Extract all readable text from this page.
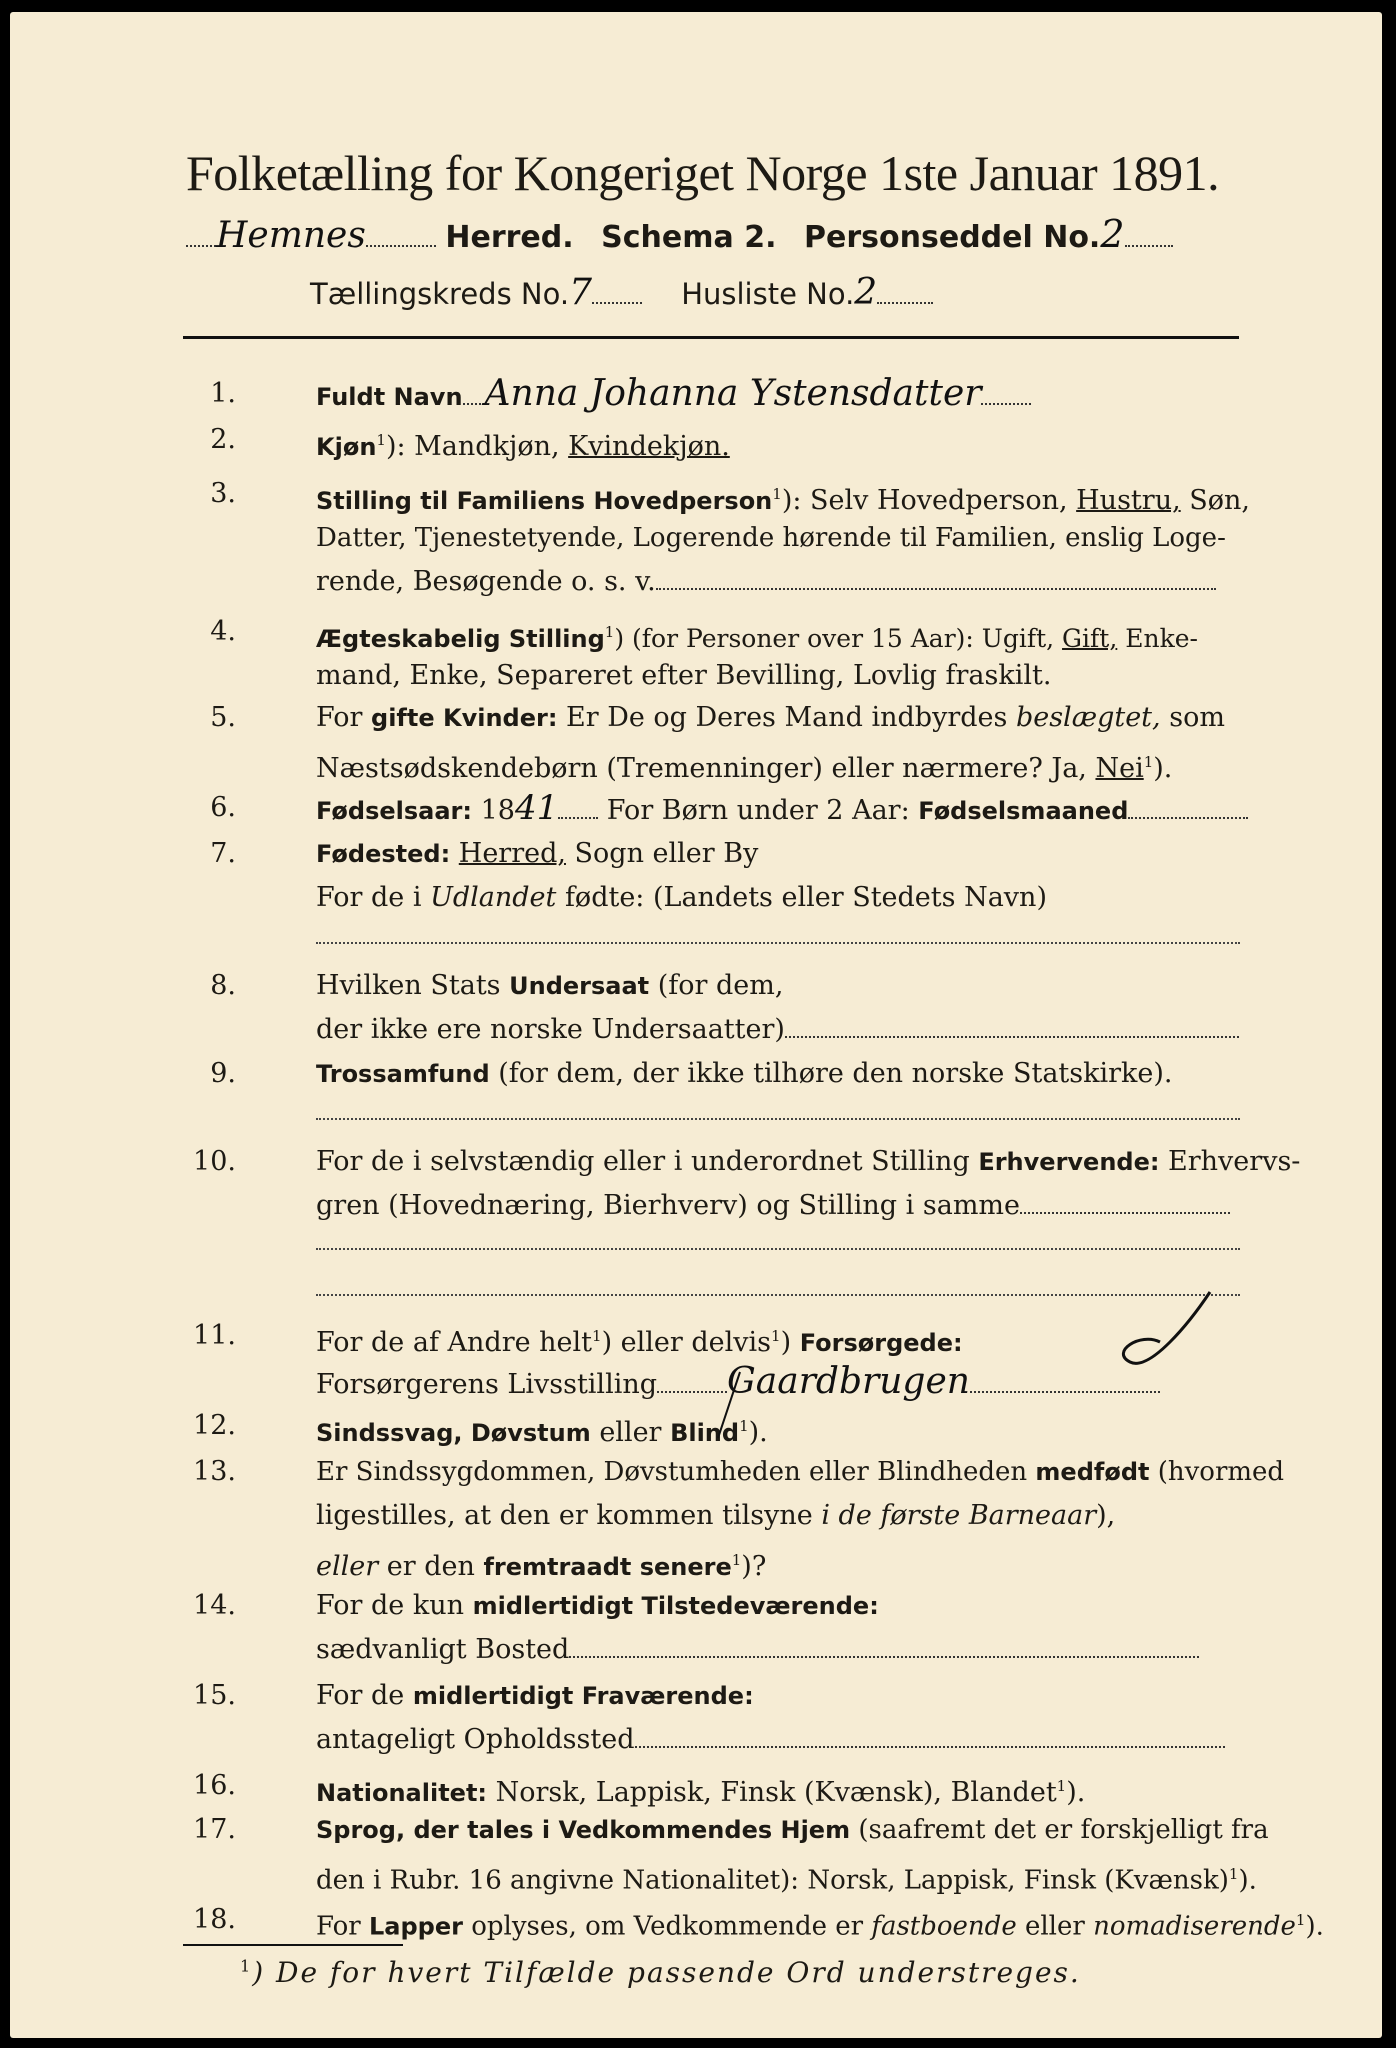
Folketælling for Kongeriget Norge 1ste Januar 1891.
Hemnes	Herred. Schema 2. Personseddel No.2
Tællingskreds No.7	Husliste No.2
1.	Fuldt Navn Anna Johanna Ystensdatter
2.	Kjøn$^1$): Mandkjøn, Kvindekjøn.
3.	Stilling til Familiens Hovedperson$^1$): Selv Hovedperson, Hustru, Søn,
Datter, Tjenestetyende, Logerende hørende til Familien, enslig Loge-
rende, Besøgende o. s. v.
4.	Ægteskabelig Stilling$^1$) (for Personer over 15 Aar): Ugift, Gift, Enke-
mand, Enke, Separeret efter Bevilling, Lovlig fraskilt.
5.	For gifte Kvinder: Er De og Deres Mand indbyrdes beslægtet, som
Næstsødskendebørn (Tremenninger) eller nærmere? Ja, Nei$^1$).
6.	Fødselsaar: 1841 For Børn under 2 Aar: Fødselsmaaned
7.	Fødested: Herred, Sogn eller By
For de i Udlandet fødte: (Landets eller Stedets Navn)
8.	Hvilken Stats Undersaat (for dem,
der ikke ere norske Undersaatter)
9.	Trossamfund (for dem, der ikke tilhøre den norske Statskirke).
10.	For de i selvstændig eller i underordnet Stilling Erhvervende: Erhvervs-
gren (Hovednæring, Bierhverv) og Stilling i samme
11.	For de af Andre helt$^1$) eller delvis$^1$) Forsørgede:
Forsørgerens Livsstilling Gaardbrugen
12.	Sindssvag, Døvstum eller Blind$^1$).
13.	Er Sindssygdommen, Døvstumheden eller Blindheden medfødt (hvormed
ligestilles, at den er kommen tilsyne i de første Barneaar),
eller er den fremtraadt senere$^1$)?
14.	For de kun midlertidigt Tilstedeværende:
sædvanligt Bosted
15.	For de midlertidigt Fraværende:
antageligt Opholdssted
16.	Nationalitet: Norsk, Lappisk, Finsk (Kvænsk), Blandet$^1$).
17.	Sprog, der tales i Vedkommendes Hjem (saafremt det er forskjelligt fra
den i Rubr. 16 angivne Nationalitet): Norsk, Lappisk, Finsk (Kvænsk)$^1$).
18.	For Lapper oplyses, om Vedkommende er fastboende eller nomadiserende$^1$).
$^1$) De for hvert Tilfælde passende Ord understreges.
